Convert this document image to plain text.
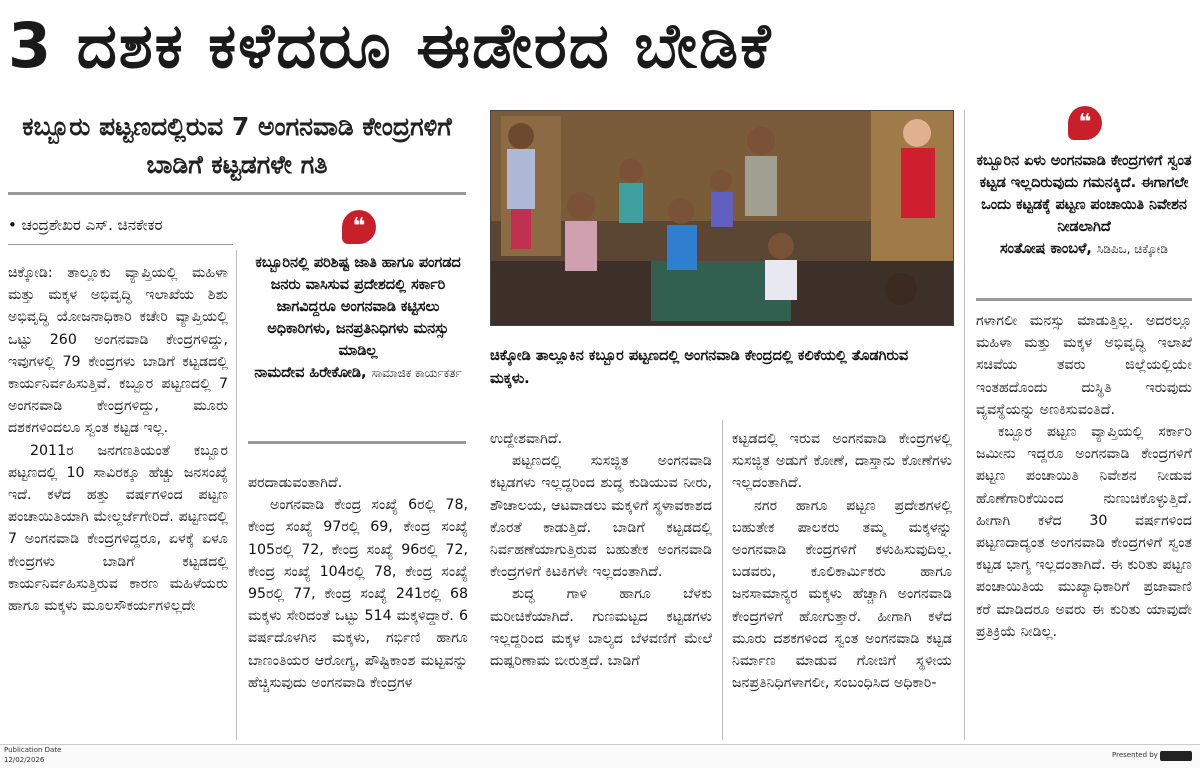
3 ದಶಕ ಕಳೆದರೂ ಈಡೇರದ ಬೇಡಿಕೆ
ಕಬ್ಬೂರು ಪಟ್ಟಣದಲ್ಲಿರುವ 7 ಅಂಗನವಾಡಿ ಕೇಂದ್ರಗಳಿಗೆ ಬಾಡಿಗೆ ಕಟ್ಟಡಗಳೇ ಗತಿ
• ಚಂದ್ರಶೇಖರ ಎಸ್. ಚಿನಕೇಕರ

ಚಿಕ್ಕೋಡಿ: ತಾಲ್ಲೂಕು ವ್ಯಾಪ್ತಿಯಲ್ಲಿ ಮಹಿಳಾ ಮತ್ತು ಮಕ್ಕಳ ಅಭಿವೃದ್ಧಿ ಇಲಾಖೆಯ ಶಿಶು ಅಭಿವೃದ್ಧಿ ಯೋಜನಾಧಿಕಾರಿ ಕಚೇರಿ ವ್ಯಾಪ್ತಿಯಲ್ಲಿ ಒಟ್ಟು 260 ಅಂಗನವಾಡಿ ಕೇಂದ್ರಗಳಿದ್ದು, ಇವುಗಳಲ್ಲಿ 79 ಕೇಂದ್ರಗಳು ಬಾಡಿಗೆ ಕಟ್ಟಡದಲ್ಲಿ ಕಾರ್ಯನಿರ್ವಹಿಸುತ್ತಿವೆ. ಕಬ್ಬೂರ ಪಟ್ಟಣದಲ್ಲಿ 7 ಅಂಗನವಾಡಿ ಕೇಂದ್ರಗಳಿದ್ದು, ಮೂರು ದಶಕಗಳಿಂದಲೂ ಸ್ವಂತ ಕಟ್ಟಡ ಇಲ್ಲ.

2011ರ ಜನಗಣತಿಯಂತೆ ಕಬ್ಬೂರ ಪಟ್ಟಣದಲ್ಲಿ 10 ಸಾವಿರಕ್ಕೂ ಹೆಚ್ಚು ಜನಸಂಖ್ಯೆ ಇದೆ. ಕಳೆದ ಹತ್ತು ವರ್ಷಗಳಿಂದ ಪಟ್ಟಣ ಪಂಚಾಯಿತಿಯಾಗಿ ಮೇಲ್ದರ್ಜೆಗೇರಿದೆ. ಪಟ್ಟಣದಲ್ಲಿ 7 ಅಂಗನವಾಡಿ ಕೇಂದ್ರಗಳಿದ್ದರೂ, ಏಳಕ್ಕೆ ಏಳೂ ಕೇಂದ್ರಗಳು ಬಾಡಿಗೆ ಕಟ್ಟಡದಲ್ಲಿ ಕಾರ್ಯನಿರ್ವಹಿಸುತ್ತಿರುವ ಕಾರಣ ಮಹಿಳೆಯರು ಹಾಗೂ ಮಕ್ಕಳು ಮೂಲಸೌಕರ್ಯಗಳಿಲ್ಲದೇ

❝
ಕಬ್ಬೂರಿನಲ್ಲಿ ಪರಿಶಿಷ್ಟ ಜಾತಿ ಹಾಗೂ ಪಂಗಡದ ಜನರು ವಾಸಿಸುವ ಪ್ರದೇಶದಲ್ಲಿ ಸರ್ಕಾರಿ ಜಾಗವಿದ್ದರೂ ಅಂಗನವಾಡಿ ಕಟ್ಟಿಸಲು ಅಧಿಕಾರಿಗಳು, ಜನಪ್ರತಿನಿಧಿಗಳು ಮನಸ್ಸು ಮಾಡಿಲ್ಲ
ನಾಮದೇವ ಹಿರೇಕೋಡಿ, ಸಾಮಾಜಿಕ ಕಾರ್ಯಕರ್ತ

ಪರದಾಡುವಂತಾಗಿದೆ.

ಅಂಗನವಾಡಿ ಕೇಂದ್ರ ಸಂಖ್ಯೆ 6ರಲ್ಲಿ 78, ಕೇಂದ್ರ ಸಂಖ್ಯೆ 97ರಲ್ಲಿ 69, ಕೇಂದ್ರ ಸಂಖ್ಯೆ 105ರಲ್ಲಿ 72, ಕೇಂದ್ರ ಸಂಖ್ಯೆ 96ರಲ್ಲಿ 72, ಕೇಂದ್ರ ಸಂಖ್ಯೆ 104ರಲ್ಲಿ 78, ಕೇಂದ್ರ ಸಂಖ್ಯೆ 95ರಲ್ಲಿ 77, ಕೇಂದ್ರ ಸಂಖ್ಯೆ 241ರಲ್ಲಿ 68 ಮಕ್ಕಳು ಸೇರಿದಂತೆ ಒಟ್ಟು 514 ಮಕ್ಕಳಿದ್ದಾರೆ. 6 ವರ್ಷದೊಳಗಿನ ಮಕ್ಕಳು, ಗರ್ಭಿಣಿ ಹಾಗೂ ಬಾಣಂತಿಯರ ಆರೋಗ್ಯ, ಪೌಷ್ಟಿಕಾಂಶ ಮಟ್ಟವನ್ನು ಹೆಚ್ಚಿಸುವುದು ಅಂಗನವಾಡಿ ಕೇಂದ್ರಗಳ

ಚಿಕ್ಕೋಡಿ ತಾಲ್ಲೂಕಿನ ಕಬ್ಬೂರ ಪಟ್ಟಣದಲ್ಲಿ ಅಂಗನವಾಡಿ ಕೇಂದ್ರದಲ್ಲಿ ಕಲಿಕೆಯಲ್ಲಿ ತೊಡಗಿರುವ ಮಕ್ಕಳು.

ಉದ್ದೇಶವಾಗಿದೆ.

ಪಟ್ಟಣದಲ್ಲಿ ಸುಸಜ್ಜಿತ ಅಂಗನವಾಡಿ ಕಟ್ಟಡಗಳು ಇಲ್ಲದ್ದರಿಂದ ಶುದ್ಧ ಕುಡಿಯುವ ನೀರು, ಶೌಚಾಲಯ, ಆಟವಾಡಲು ಮಕ್ಕಳಿಗೆ ಸ್ಥಳಾವಕಾಶದ ಕೊರತೆ ಕಾಡುತ್ತಿದೆ. ಬಾಡಿಗೆ ಕಟ್ಟಡದಲ್ಲಿ ನಿರ್ವಹಣೆಯಾಗುತ್ತಿರುವ ಬಹುತೇಕ ಅಂಗನವಾಡಿ ಕೇಂದ್ರಗಳಿಗೆ ಕಿಟಕಿಗಳೇ ಇಲ್ಲದಂತಾಗಿದೆ.

ಶುದ್ಧ ಗಾಳಿ ಹಾಗೂ ಬೆಳಕು ಮರೀಚಿಕೆಯಾಗಿದೆ. ಗುಣಮಟ್ಟದ ಕಟ್ಟಡಗಳು ಇಲ್ಲದ್ದರಿಂದ ಮಕ್ಕಳ ಬಾಲ್ಯದ ಬೆಳವಣಿಗೆ ಮೇಲೆ ದುಷ್ಪರಿಣಾಮ ಬೀರುತ್ತದೆ. ಬಾಡಿಗೆ

ಕಟ್ಟಡದಲ್ಲಿ ಇರುವ ಅಂಗನವಾಡಿ ಕೇಂದ್ರಗಳಲ್ಲಿ ಸುಸಜ್ಜಿತ ಅಡುಗೆ ಕೋಣೆ, ದಾಸ್ತಾನು ಕೋಣೆಗಳು ಇಲ್ಲದಂತಾಗಿದೆ.

ನಗರ ಹಾಗೂ ಪಟ್ಟಣ ಪ್ರದೇಶಗಳಲ್ಲಿ ಬಹುತೇಕ ಪಾಲಕರು ತಮ್ಮ ಮಕ್ಕಳನ್ನು ಅಂಗನವಾಡಿ ಕೇಂದ್ರಗಳಿಗೆ ಕಳುಹಿಸುವುದಿಲ್ಲ. ಬಡವರು, ಕೂಲಿಕಾರ್ಮಿಕರು ಹಾಗೂ ಜನಸಾಮಾನ್ಯರ ಮಕ್ಕಳು ಹೆಚ್ಚಾಗಿ ಅಂಗನವಾಡಿ ಕೇಂದ್ರಗಳಿಗೆ ಹೋಗುತ್ತಾರೆ. ಹೀಗಾಗಿ ಕಳೆದ ಮೂರು ದಶಕಗಳಿಂದ ಸ್ವಂತ ಅಂಗನವಾಡಿ ಕಟ್ಟಡ ನಿರ್ಮಾಣ ಮಾಡುವ ಗೋಜಿಗೆ ಸ್ಥಳೀಯ ಜನಪ್ರತಿನಿಧಿಗಳಾಗಲೀ, ಸಂಬಂಧಿಸಿದ ಅಧಿಕಾರಿ-

❝
ಕಬ್ಬೂರಿನ ಏಳು ಅಂಗನವಾಡಿ ಕೇಂದ್ರಗಳಿಗೆ ಸ್ವಂತ ಕಟ್ಟಡ ಇಲ್ಲದಿರುವುದು ಗಮನಕ್ಕಿದೆ. ಈಗಾಗಲೇ ಒಂದು ಕಟ್ಟಡಕ್ಕೆ ಪಟ್ಟಣ ಪಂಚಾಯಿತಿ ನಿವೇಶನ ನೀಡಲಾಗಿದೆ
ಸಂತೋಷ ಕಾಂಬಳೆ, ಸಿಡಿಪಿಒ, ಚಿಕ್ಕೋಡಿ

ಗಳಾಗಲೀ ಮನಸ್ಸು ಮಾಡುತ್ತಿಲ್ಲ. ಅದರಲ್ಲೂ ಮಹಿಳಾ ಮತ್ತು ಮಕ್ಕಳ ಅಭಿವೃದ್ಧಿ ಇಲಾಖೆ ಸಚಿವೆಯ ತವರು ಜಿಲ್ಲೆಯಲ್ಲಿಯೇ ಇಂತಹದೊಂದು ದುಸ್ಥಿತಿ ಇರುವುದು ವ್ಯವಸ್ಥೆಯನ್ನು ಅಣಕಿಸುವಂತಿದೆ.

ಕಬ್ಬೂರ ಪಟ್ಟಣ ವ್ಯಾಪ್ತಿಯಲ್ಲಿ ಸರ್ಕಾರಿ ಜಮೀನು ಇದ್ದರೂ ಅಂಗನವಾಡಿ ಕೇಂದ್ರಗಳಿಗೆ ಪಟ್ಟಣ ಪಂಚಾಯಿತಿ ನಿವೇಶನ ನೀಡುವ ಹೊಣೆಗಾರಿಕೆಯಿಂದ ನುಣುಚಿಕೊಳ್ಳುತ್ತಿದೆ. ಹೀಗಾಗಿ ಕಳೆದ 30 ವರ್ಷಗಳಿಂದ ಪಟ್ಟಣದಾದ್ಯಂತ ಅಂಗನವಾಡಿ ಕೇಂದ್ರಗಳಿಗೆ ಸ್ವಂತ ಕಟ್ಟಡ ಭಾಗ್ಯ ಇಲ್ಲದಂತಾಗಿದೆ. ಈ ಕುರಿತು ಪಟ್ಟಣ ಪಂಚಾಯಿತಿಯ ಮುಖ್ಯಾಧಿಕಾರಿಗೆ ಪ್ರಜಾವಾಣಿ ಕರೆ ಮಾಡಿದರೂ ಅವರು ಈ ಕುರಿತು ಯಾವುದೇ ಪ್ರತಿಕ್ರಿಯೆ ನೀಡಿಲ್ಲ.

Publication Date
12/02/2026
Presented by
